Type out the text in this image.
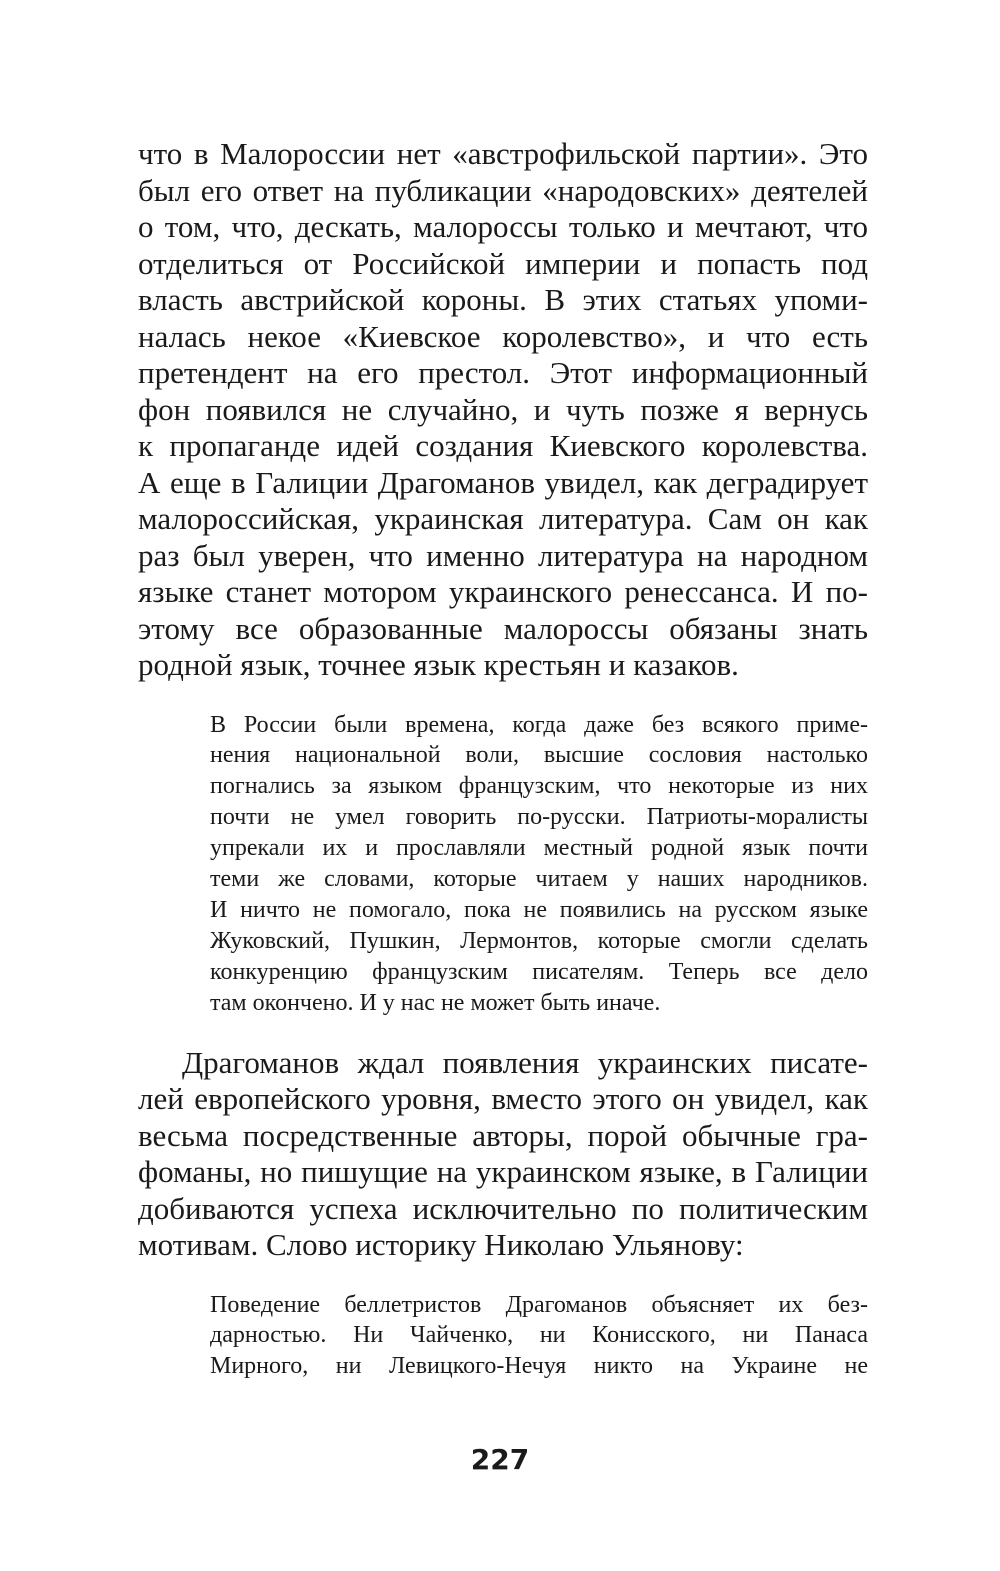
что в Малороссии нет «австрофильской партии». Это
был его ответ на публикации «народовских» деятелей
о том, что, дескать, малороссы только и мечтают, что
отделиться от Российской империи и попасть под
власть австрийской короны. В этих статьях упоми-
налась некое «Киевское королевство», и что есть
претендент на его престол. Этот информационный
фон появился не случайно, и чуть позже я вернусь
к пропаганде идей создания Киевского королевства.
А еще в Галиции Драгоманов увидел, как деградирует
малороссийская, украинская литература. Сам он как
раз был уверен, что именно литература на народном
языке станет мотором украинского ренессанса. И по-
этому все образованные малороссы обязаны знать
родной язык, точнее язык крестьян и казаков.
В России были времена, когда даже без всякого приме-
нения национальной воли, высшие сословия настолько
погнались за языком французским, что некоторые из них
почти не умел говорить по-русски. Патриоты-моралисты
упрекали их и прославляли местный родной язык почти
теми же словами, которые читаем у наших народников.
И ничто не помогало, пока не появились на русском языке
Жуковский, Пушкин, Лермонтов, которые смогли сделать
конкуренцию французским писателям. Теперь все дело
там окончено. И у нас не может быть иначе.
Драгоманов ждал появления украинских писате-
лей европейского уровня, вместо этого он увидел, как
весьма посредственные авторы, порой обычные гра-
фоманы, но пишущие на украинском языке, в Галиции
добиваются успеха исключительно по политическим
мотивам. Слово историку Николаю Ульянову:
Поведение беллетристов Драгоманов объясняет их без-
дарностью. Ни Чайченко, ни Конисского, ни Панаса
Мирного, ни Левицкого-Нечуя никто на Украине не
227
